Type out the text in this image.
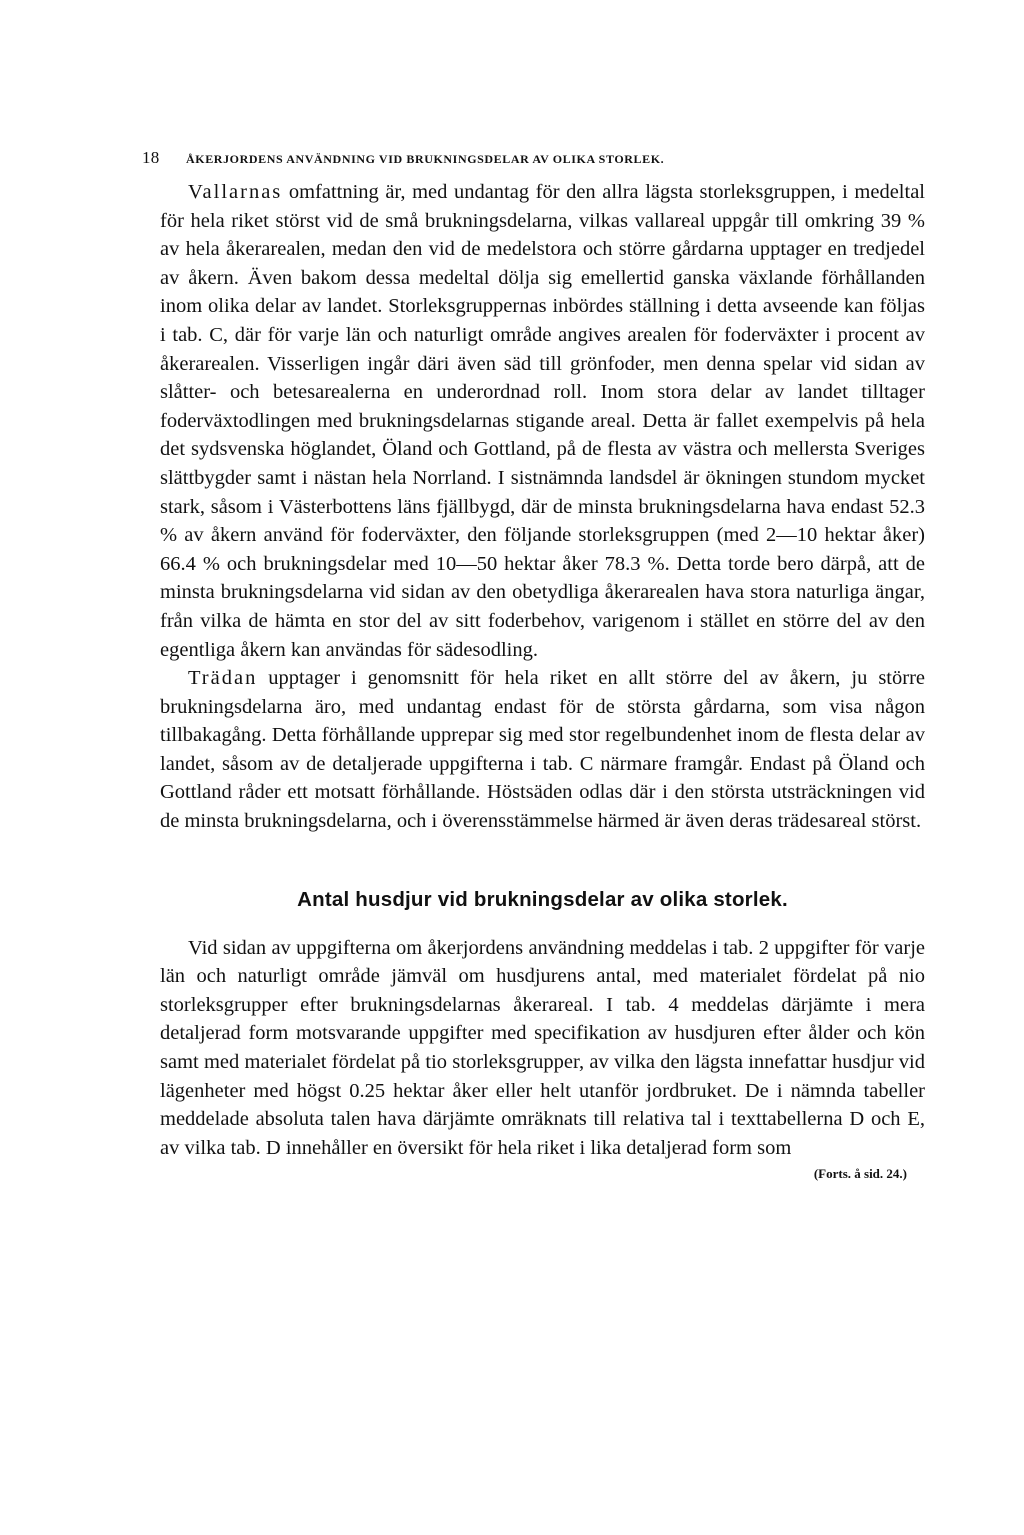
18	ÅKERJORDENS ANVÄNDNING VID BRUKNINGSDELAR AV OLIKA STORLEK.

Vallarnas omfattning är, med undantag för den allra lägsta storleksgruppen, i medeltal för hela riket störst vid de små brukningsdelarna, vilkas vallareal uppgår till omkring 39 % av hela åkerarealen, medan den vid de medelstora och större gårdarna upptager en tredjedel av åkern. Även bakom dessa medeltal dölja sig emellertid ganska växlande förhållanden inom olika delar av landet. Storleksgruppernas inbördes ställning i detta avseende kan följas i tab. C, där för varje län och naturligt område angives arealen för foderväxter i procent av åkerarealen. Visserligen ingår däri även säd till grönfoder, men denna spelar vid sidan av slåtter- och betesarealerna en underordnad roll. Inom stora delar av landet tilltager foderväxtodlingen med brukningsdelarnas stigande areal. Detta är fallet exempelvis på hela det sydsvenska höglandet, Öland och Gottland, på de flesta av västra och mellersta Sveriges slättbygder samt i nästan hela Norrland. I sistnämnda landsdel är ökningen stundom mycket stark, såsom i Västerbottens läns fjällbygd, där de minsta brukningsdelarna hava endast 52.3 % av åkern använd för foderväxter, den följande storleksgruppen (med 2—10 hektar åker) 66.4 % och brukningsdelar med 10—50 hektar åker 78.3 %. Detta torde bero därpå, att de minsta brukningsdelarna vid sidan av den obetydliga åkerarealen hava stora naturliga ängar, från vilka de hämta en stor del av sitt foderbehov, varigenom i stället en större del av den egentliga åkern kan användas för sädesodling.

Trädan upptager i genomsnitt för hela riket en allt större del av åkern, ju större brukningsdelarna äro, med undantag endast för de största gårdarna, som visa någon tillbakagång. Detta förhållande upprepar sig med stor regelbundenhet inom de flesta delar av landet, såsom av de detaljerade uppgifterna i tab. C närmare framgår. Endast på Öland och Gottland råder ett motsatt förhållande. Höstsäden odlas där i den största utsträckningen vid de minsta brukningsdelarna, och i överensstämmelse härmed är även deras trädesareal störst.

Antal husdjur vid brukningsdelar av olika storlek.

Vid sidan av uppgifterna om åkerjordens användning meddelas i tab. 2 uppgifter för varje län och naturligt område jämväl om husdjurens antal, med materialet fördelat på nio storleksgrupper efter brukningsdelarnas åkerareal. I tab. 4 meddelas därjämte i mera detaljerad form motsvarande uppgifter med specifikation av husdjuren efter ålder och kön samt med materialet fördelat på tio storleksgrupper, av vilka den lägsta innefattar husdjur vid lägenheter med högst 0.25 hektar åker eller helt utanför jordbruket. De i nämnda tabeller meddelade absoluta talen hava därjämte omräknats till relativa tal i texttabellerna D och E, av vilka tab. D innehåller en översikt för hela riket i lika detaljerad form som

(Forts. å sid. 24.)
